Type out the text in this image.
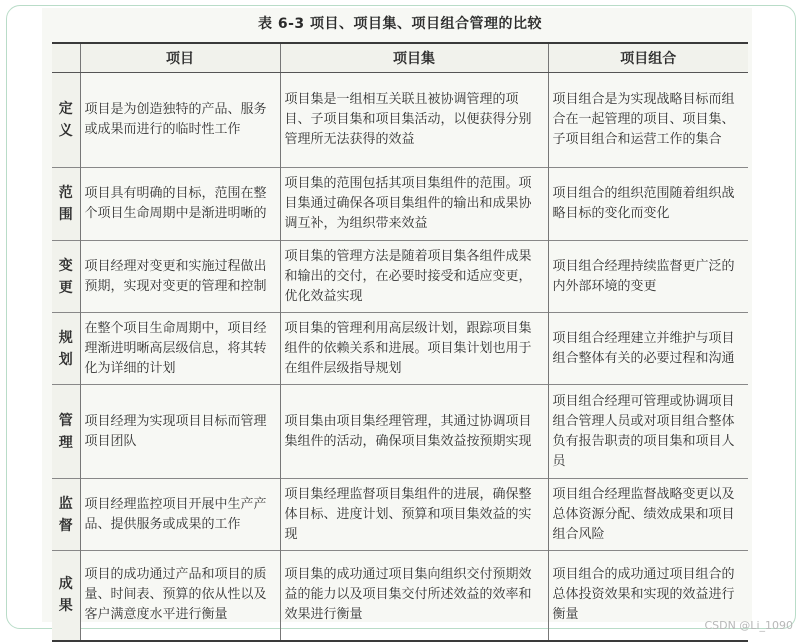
表 6-3 项目、项目集、项目组合管理的比较
	项目	项目集	项目组合
定义	项目是为创造独特的产品、服务或成果而进行的临时性工作	项目集是一组相互关联且被协调管理的项目、子项目集和项目集活动，以便获得分别管理所无法获得的效益	项目组合是为实现战略目标而组合在一起管理的项目、项目集、子项目组合和运营工作的集合
范围	项目具有明确的目标，范围在整个项目生命周期中是渐进明晰的	项目集的范围包括其项目集组件的范围。项目集通过确保各项目集组件的输出和成果协调互补，为组织带来效益	项目组合的组织范围随着组织战略目标的变化而变化
变更	项目经理对变更和实施过程做出预期，实现对变更的管理和控制	项目集的管理方法是随着项目集各组件成果和输出的交付，在必要时接受和适应变更，优化效益实现	项目组合经理持续监督更广泛的内外部环境的变更
规划	在整个项目生命周期中，项目经理渐进明晰高层级信息，将其转化为详细的计划	项目集的管理利用高层级计划，跟踪项目集组件的依赖关系和进展。项目集计划也用于在组件层级指导规划	项目组合经理建立并维护与项目组合整体有关的必要过程和沟通
管理	项目经理为实现项目目标而管理项目团队	项目集由项目集经理管理，其通过协调项目集组件的活动，确保项目集效益按预期实现	项目组合经理可管理或协调项目组合管理人员或对项目组合整体负有报告职责的项目集和项目人员
监督	项目经理监控项目开展中生产产品、提供服务或成果的工作	项目集经理监督项目集组件的进展，确保整体目标、进度计划、预算和项目集效益的实现	项目组合经理监督战略变更以及总体资源分配、绩效成果和项目组合风险
成果	项目的成功通过产品和项目的质量、时间表、预算的依从性以及客户满意度水平进行衡量	项目集的成功通过项目集向组织交付预期效益的能力以及项目集交付所述效益的效率和效果进行衡量	项目组合的成功通过项目组合的总体投资效果和实现的效益进行衡量
CSDN @Li_1090
